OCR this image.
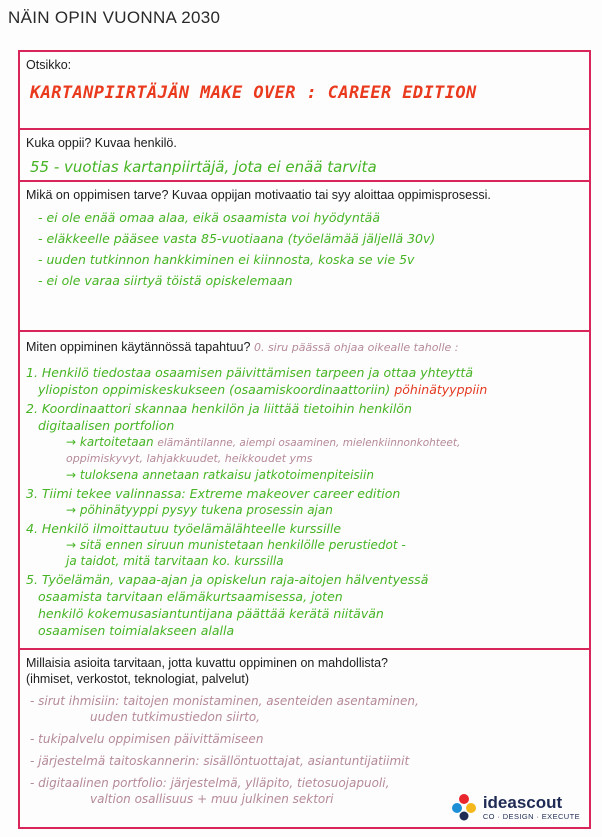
NÄIN OPIN VUONNA 2030
Otsikko:
KARTANPIIRTÄJÄN MAKE OVER : CAREER EDITION
Kuka oppii? Kuvaa henkilö.
55 - vuotias kartanpiirtäjä, jota ei enää tarvita
Mikä on oppimisen tarve? Kuvaa oppijan motivaatio tai syy aloittaa oppimisprosessi.
- ei ole enää omaa alaa, eikä osaamista voi hyödyntää
- eläkkeelle pääsee vasta 85-vuotiaana (työelämää jäljellä 30v)
- uuden tutkinnon hankkiminen ei kiinnosta, koska se vie 5v
- ei ole varaa siirtyä töistä opiskelemaan
Miten oppiminen käytännössä tapahtuu? 0. siru päässä ohjaa oikealle taholle :
1. Henkilö tiedostaa osaamisen päivittämisen tarpeen ja ottaa yhteyttä
yliopiston oppimiskeskukseen (osaamiskoordinaattoriin) pöhinätyyppiin
2. Koordinaattori skannaa henkilön ja liittää tietoihin henkilön
digitaalisen portfolion
→ kartoitetaan elämäntilanne, aiempi osaaminen, mielenkiinnonkohteet,
oppimiskyvyt, lahjakkuudet, heikkoudet yms
→ tuloksena annetaan ratkaisu jatkotoimenpiteisiin
3. Tiimi tekee valinnassa: Extreme makeover career edition
→ pöhinätyyppi pysyy tukena prosessin ajan
4. Henkilö ilmoittautuu työelämälähteelle kurssille
→ sitä ennen siruun munistetaan henkilölle perustiedot -
ja taidot, mitä tarvitaan ko. kurssilla
5. Työelämän, vapaa-ajan ja opiskelun raja-aitojen hälventyessä
osaamista tarvitaan elämäkurtsaamisessa, joten
henkilö kokemusasiantuntijana päättää kerätä niitävän
osaamisen toimialakseen alalla
Millaisia asioita tarvitaan, jotta kuvattu oppiminen on mahdollista?
(ihmiset, verkostot, teknologiat, palvelut)
- sirut ihmisiin: taitojen monistaminen, asenteiden asentaminen,
uuden tutkimustiedon siirto,
- tukipalvelu oppimisen päivittämiseen
- järjestelmä taitoskannerin: sisällöntuottajat, asiantuntijatiimit
- digitaalinen portfolio: järjestelmä, ylläpito, tietosuojapuoli,
valtion osallisuus + muu julkinen sektori	ideascout
CO · DESIGN · EXECUTE
